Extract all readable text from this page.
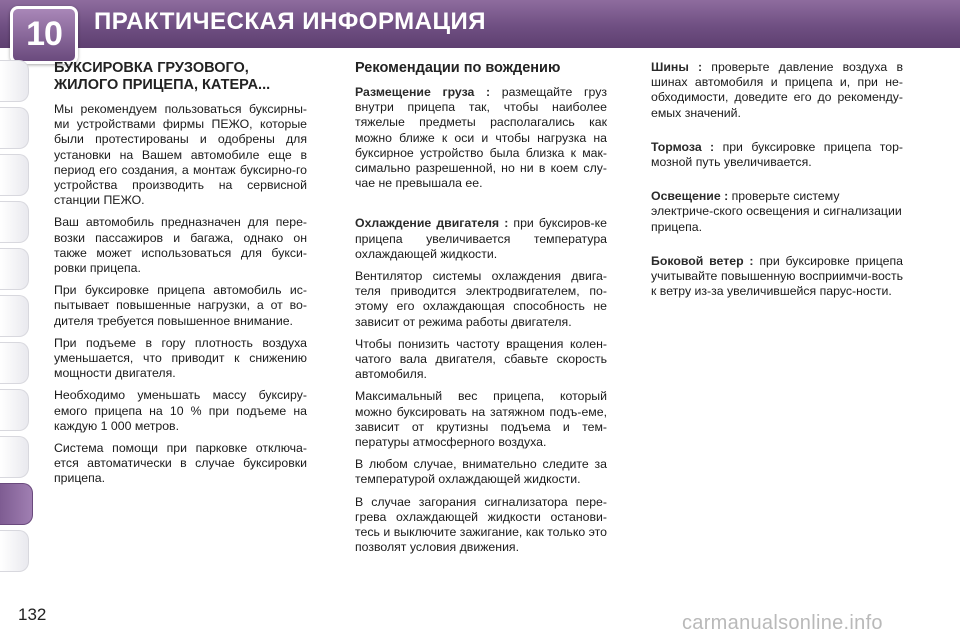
10	ПРАКТИЧЕСКАЯ ИНФОРМАЦИЯ
БУКСИРОВКА ГРУЗОВОГО, ЖИЛОГО ПРИЦЕПА, КАТЕРА...

Мы рекомендуем пользоваться буксирны-ми устройствами фирмы ПЕЖО, которые были протестированы и одобрены для установки на Вашем автомобиле еще в период его создания, а монтаж буксирно-го устройства производить на сервисной станции ПЕЖО.

Ваш автомобиль предназначен для пере-возки пассажиров и багажа, однако он также может использоваться для букси-ровки прицепа.

При буксировке прицепа автомобиль ис-пытывает повышенные нагрузки, а от во-дителя требуется повышенное внимание.

При подъеме в гору плотность воздуха уменьшается, что приводит к снижению мощности двигателя.

Необходимо уменьшать массу буксиру-емого прицепа на 10 % при подъеме на каждую 1 000 метров.

Система помощи при парковке отключа-ется автоматически в случае буксировки прицепа.

Рекомендации по вождению

Размещение груза : размещайте груз внутри прицепа так, чтобы наиболее тяжелые предметы располагались как можно ближе к оси и чтобы нагрузка на буксирное устройство была близка к мак-симально разрешенной, но ни в коем слу-чае не превышала ее.

Охлаждение двигателя : при буксиров-ке прицепа увеличивается температура охлаждающей жидкости.

Вентилятор системы охлаждения двига-теля приводится электродвигателем, по-этому его охлаждающая способность не зависит от режима работы двигателя.

Чтобы понизить частоту вращения колен-чатого вала двигателя, сбавьте скорость автомобиля.

Максимальный вес прицепа, который можно буксировать на затяжном подъ-еме, зависит от крутизны подъема и тем-пературы атмосферного воздуха.

В любом случае, внимательно следите за температурой охлаждающей жидкости.

В случае загорания сигнализатора пере-грева охлаждающей жидкости останови-тесь и выключите зажигание, как только это позволят условия движения.

Шины : проверьте давление воздуха в шинах автомобиля и прицепа и, при не-обходимости, доведите его до рекоменду-емых значений.

Тормоза : при буксировке прицепа тор-мозной путь увеличивается.

Освещение : проверьте систему электриче-ского освещения и сигнализации прицепа.

Боковой ветер : при буксировке прицепа учитывайте повышенную восприимчи-вость к ветру из-за увеличившейся парус-ности.

132	carmanualsonline.info
